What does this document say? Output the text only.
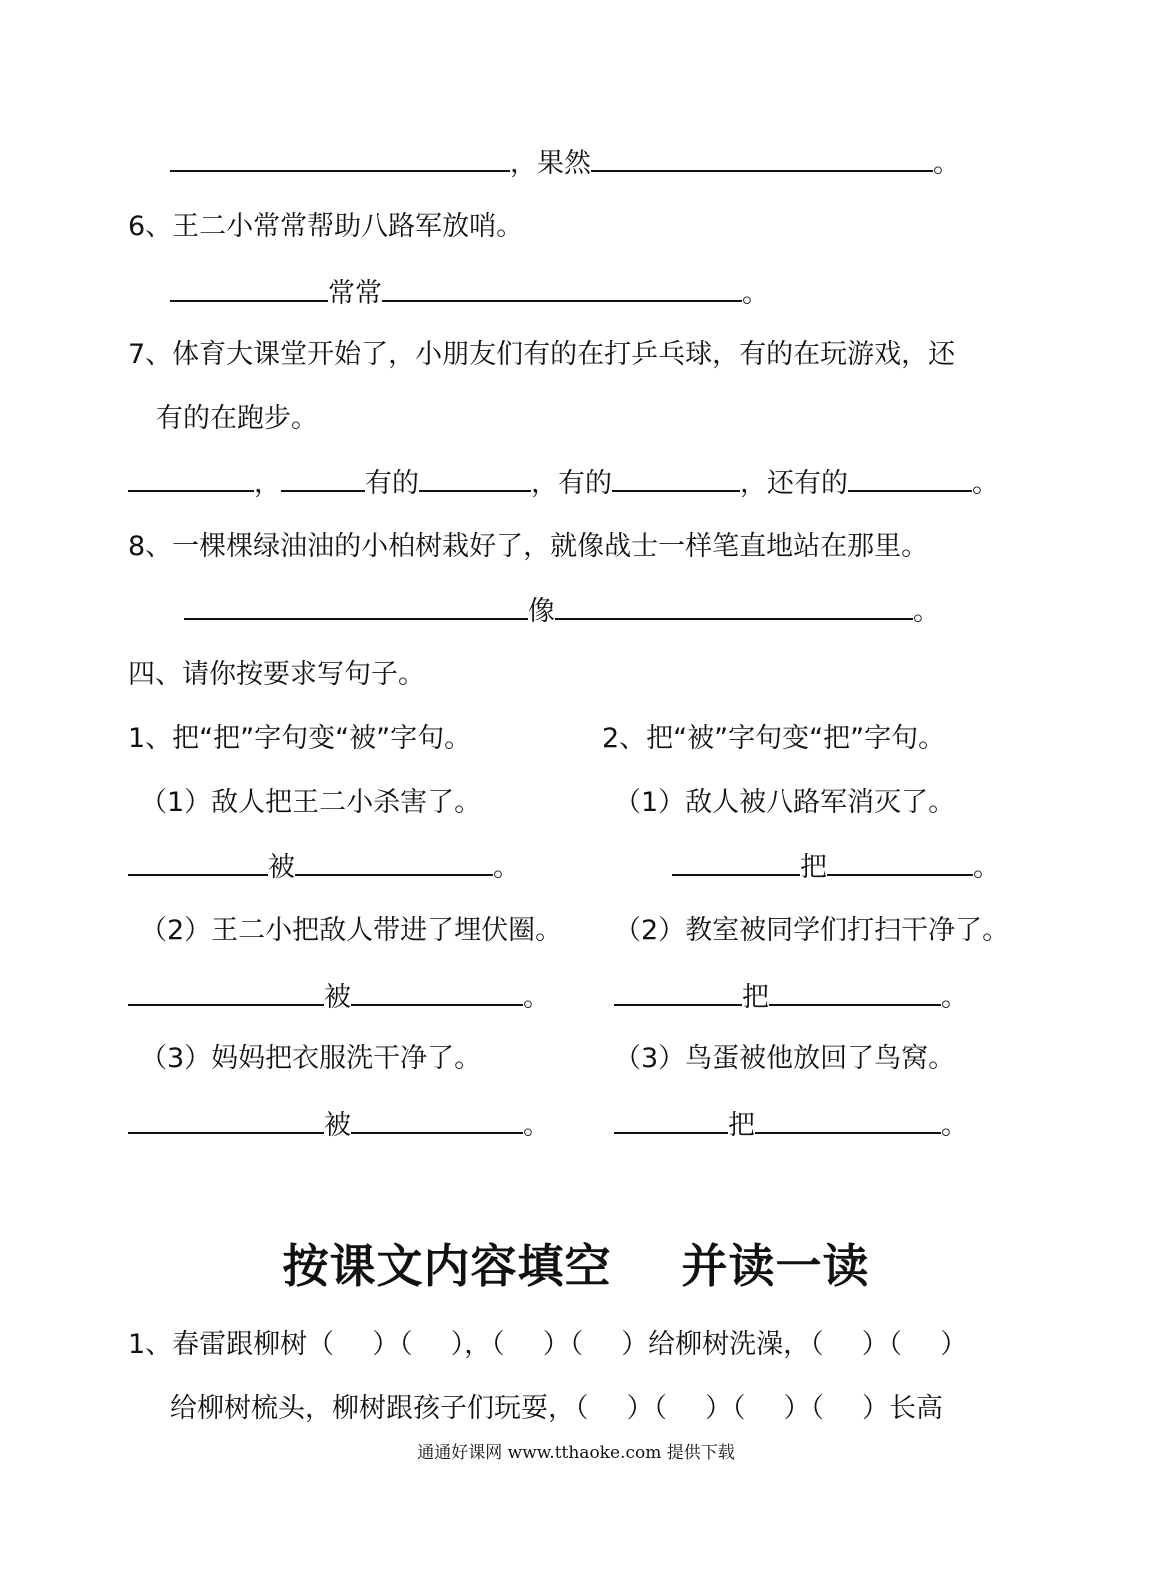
，果然	。
6、王二小常常帮助八路军放哨。
常常	。
7、体育大课堂开始了，小朋友们有的在打乒乓球，有的在玩游戏，还
有的在跑步。
，	有的	，有的	，还有的	。
8、一棵棵绿油油的小柏树栽好了，就像战士一样笔直地站在那里。
像	。
四、请你按要求写句子。
1、把“把”字句变“被”字句。	2、把“被”字句变“把”字句。
（1）敌人把王二小杀害了。	（1）敌人被八路军消灭了。
被	。	把	。
（2）王二小把敌人带进了埋伏圈。 （2）教室被同学们打扫干净了。
被	。	把	。
（3）妈妈把衣服洗干净了。	（3）鸟蛋被他放回了鸟窝。
被	。	把	。
按课文内容填空 并读一读
1、春雷跟柳树（ ）（ ），（ ）（ ）给柳树洗澡，（ ）（ ）
给柳树梳头，柳树跟孩子们玩耍，（ ）（ ）（ ）（ ）长高
通通好课网 www.tthaoke.com 提供下载
